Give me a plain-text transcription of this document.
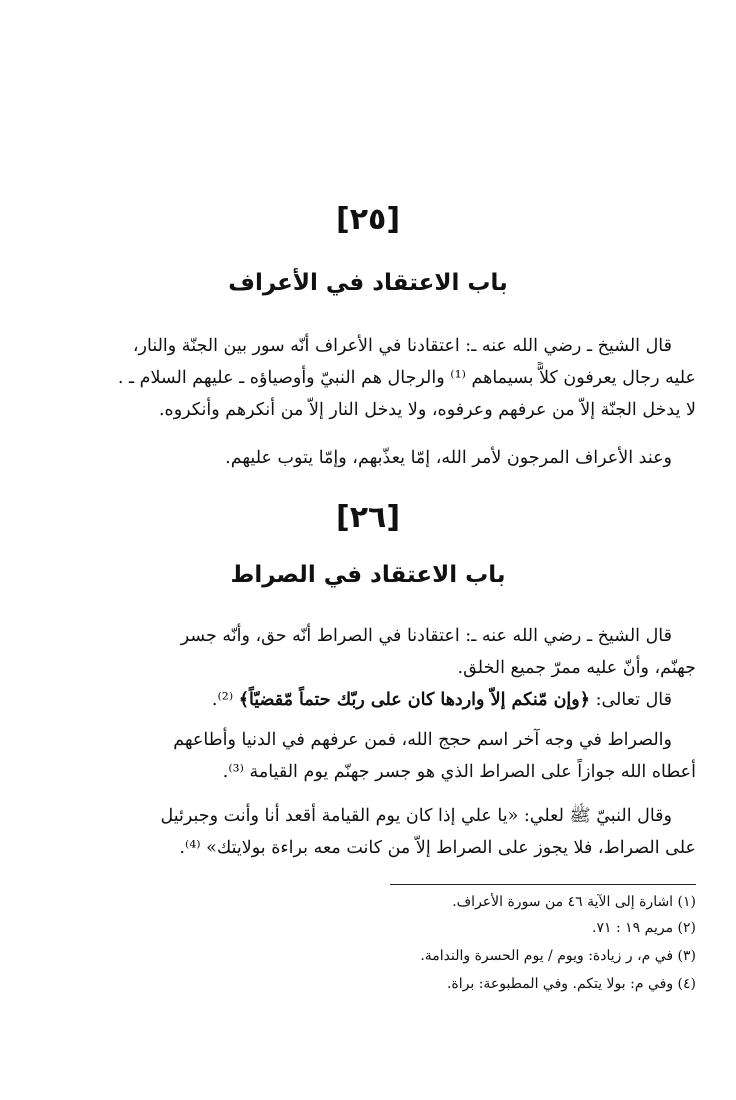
[٢٥]
باب الاعتقاد في الأعراف
قال الشيخ ـ رضي الله عنه ـ: اعتقادنا في الأعراف أنّه سور بين الجنّة والنار،
عليه رجال يعرفون كلاًّ بسيماهم ⁽¹⁾ والرجال هم النبيّ وأوصياؤه ـ عليهم السلام ـ .
لا يدخل الجنّة إلاّ من عرفهم وعرفوه، ولا يدخل النار إلاّ من أنكرهم وأنكروه.
وعند الأعراف المرجون لأمر الله، إمّا يعذّبهم، وإمّا يتوب عليهم.
[٢٦]
باب الاعتقاد في الصراط
قال الشيخ ـ رضي الله عنه ـ: اعتقادنا في الصراط أنّه حق، وأنّه جسر
جهنّم، وأنّ عليه ممرّ جميع الخلق.
قال تعالى: ﴿وإن مّنكم إلاّ واردها كان على ربّك حتماً مّقضيّاً﴾ ⁽²⁾.
والصراط في وجه آخر اسم حجج الله، فمن عرفهم في الدنيا وأطاعهم
أعطاه الله جوازاً على الصراط الذي هو جسر جهنّم يوم القيامة ⁽³⁾.
وقال النبيّ ﷺ لعلي: «يا علي إذا كان يوم القيامة أقعد أنا وأنت وجبرئيل
على الصراط، فلا يجوز على الصراط إلاّ من كانت معه براءة بولايتك» ⁽⁴⁾.
(١) اشارة إلى الآية ٤٦ من سورة الأعراف.
(٢) مريم ١٩ : ٧١.
(٣) في م، ر زيادة: ويوم / يوم الحسرة والندامة.
(٤) وفي م: بولا يتكم. وفي المطبوعة: براة.
